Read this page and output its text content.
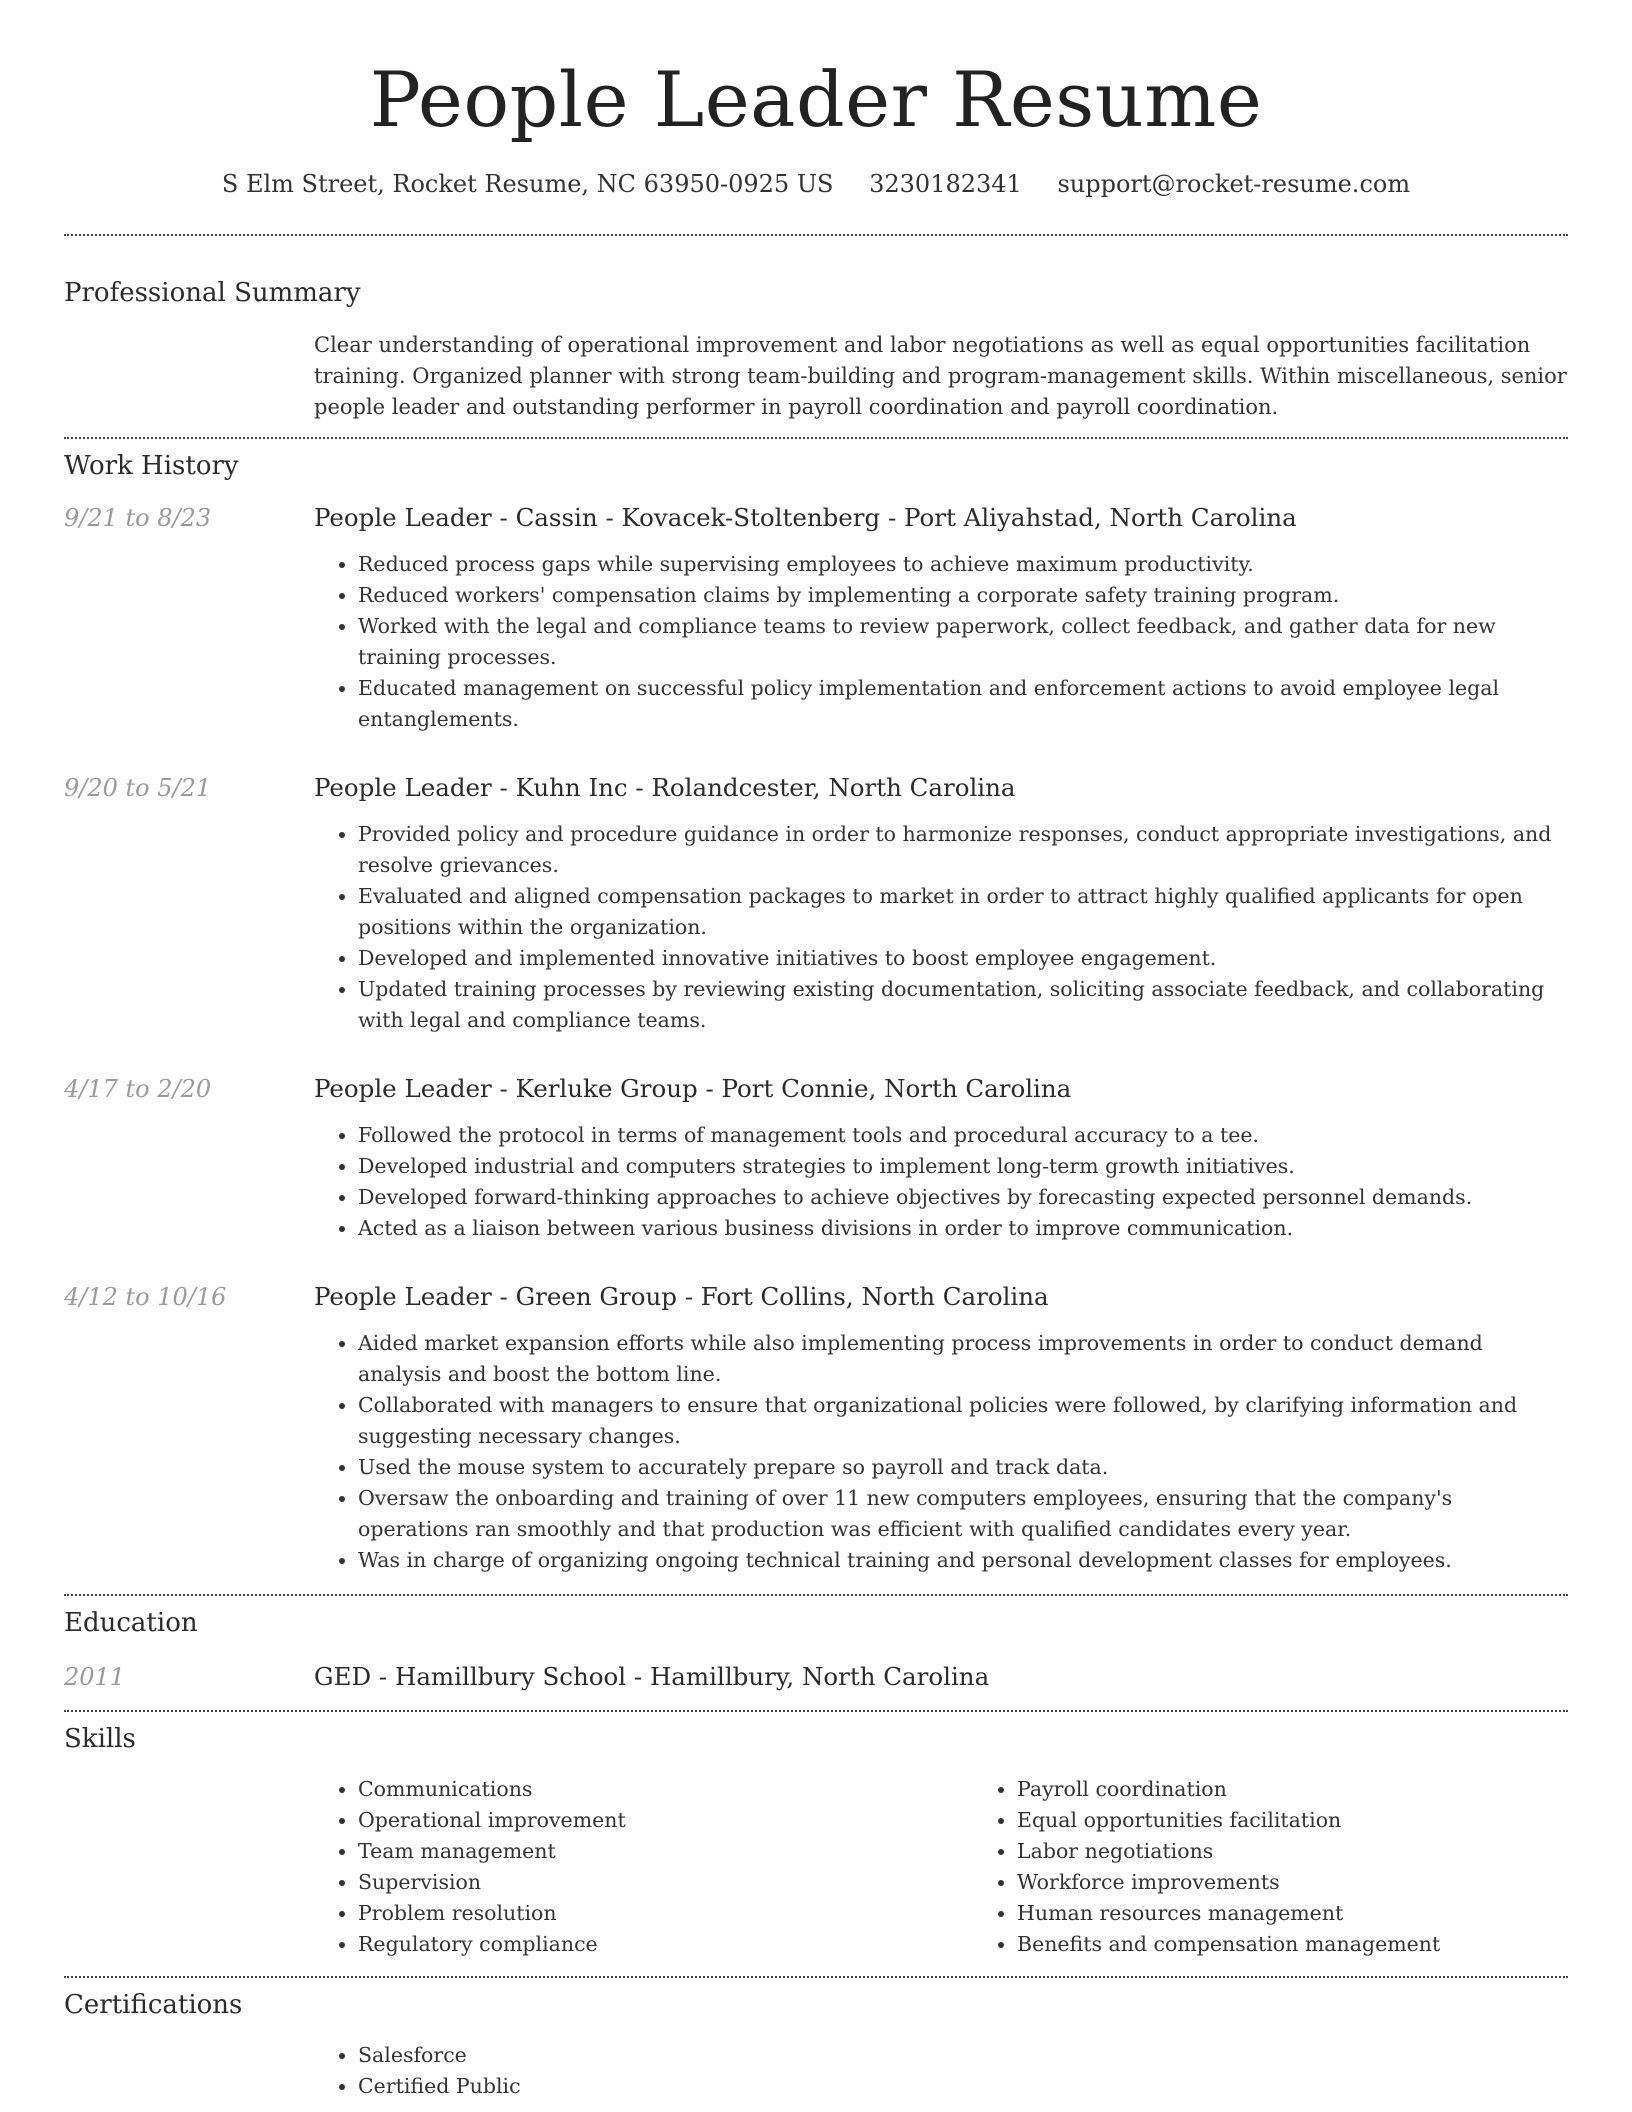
People Leader Resume
S Elm Street, Rocket Resume, NC 63950-0925 US 3230182341 support@rocket-resume.com
Professional Summary

Clear understanding of operational improvement and labor negotiations as well as equal opportunities facilitation training. Organized planner with strong team-building and program-management skills. Within miscellaneous, senior people leader and outstanding performer in payroll coordination and payroll coordination.

Work History
9/21 to 8/23	People Leader - Cassin - Kovacek-Stoltenberg - Port Aliyahstad, North Carolina

• Reduced process gaps while supervising employees to achieve maximum productivity.
• Reduced workers' compensation claims by implementing a corporate safety training program.
• Worked with the legal and compliance teams to review paperwork, collect feedback, and gather data for new training processes.
• Educated management on successful policy implementation and enforcement actions to avoid employee legal entanglements.
9/20 to 5/21	People Leader - Kuhn Inc - Rolandcester, North Carolina

• Provided policy and procedure guidance in order to harmonize responses, conduct appropriate investigations, and resolve grievances.
• Evaluated and aligned compensation packages to market in order to attract highly qualified applicants for open positions within the organization.
• Developed and implemented innovative initiatives to boost employee engagement.
• Updated training processes by reviewing existing documentation, soliciting associate feedback, and collaborating with legal and compliance teams.
4/17 to 2/20	People Leader - Kerluke Group - Port Connie, North Carolina

• Followed the protocol in terms of management tools and procedural accuracy to a tee.
• Developed industrial and computers strategies to implement long-term growth initiatives.
• Developed forward-thinking approaches to achieve objectives by forecasting expected personnel demands.
• Acted as a liaison between various business divisions in order to improve communication.
4/12 to 10/16	People Leader - Green Group - Fort Collins, North Carolina

• Aided market expansion efforts while also implementing process improvements in order to conduct demand analysis and boost the bottom line.
• Collaborated with managers to ensure that organizational policies were followed, by clarifying information and suggesting necessary changes.
• Used the mouse system to accurately prepare so payroll and track data.
• Oversaw the onboarding and training of over 11 new computers employees, ensuring that the company's operations ran smoothly and that production was efficient with qualified candidates every year.
• Was in charge of organizing ongoing technical training and personal development classes for employees.
Education
2011	GED - Hamillbury School - Hamillbury, North Carolina

Skills
• Communications
• Operational improvement
• Team management
• Supervision
• Problem resolution
• Regulatory compliance
• Payroll coordination
• Equal opportunities facilitation
• Labor negotiations
• Workforce improvements
• Human resources management
• Benefits and compensation management
Certifications
• Salesforce
• Certified Public
